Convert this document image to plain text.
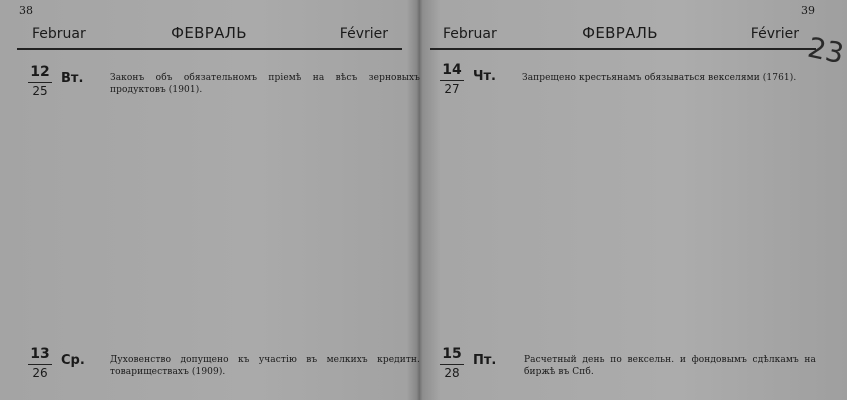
38
Februar	ФЕВРАЛЬ	Février
12
25
Вт.	Законъ объ обязательномъ пріемѣ на вѣсъ зерновыхъ продуктовъ (1901).
13
26
Ср.	Духовенство допущено къ участію въ мелкихъ кредитн. товариществахъ (1909).
39
Februar	ФЕВРАЛЬ	Février
14
27
Чт.	Запрещено крестьянамъ обязываться векселями (1761).
15
28
Пт.	Расчетный день по вексельн. и фондовымъ сдѣлкамъ на биржѣ въ Спб.
23
